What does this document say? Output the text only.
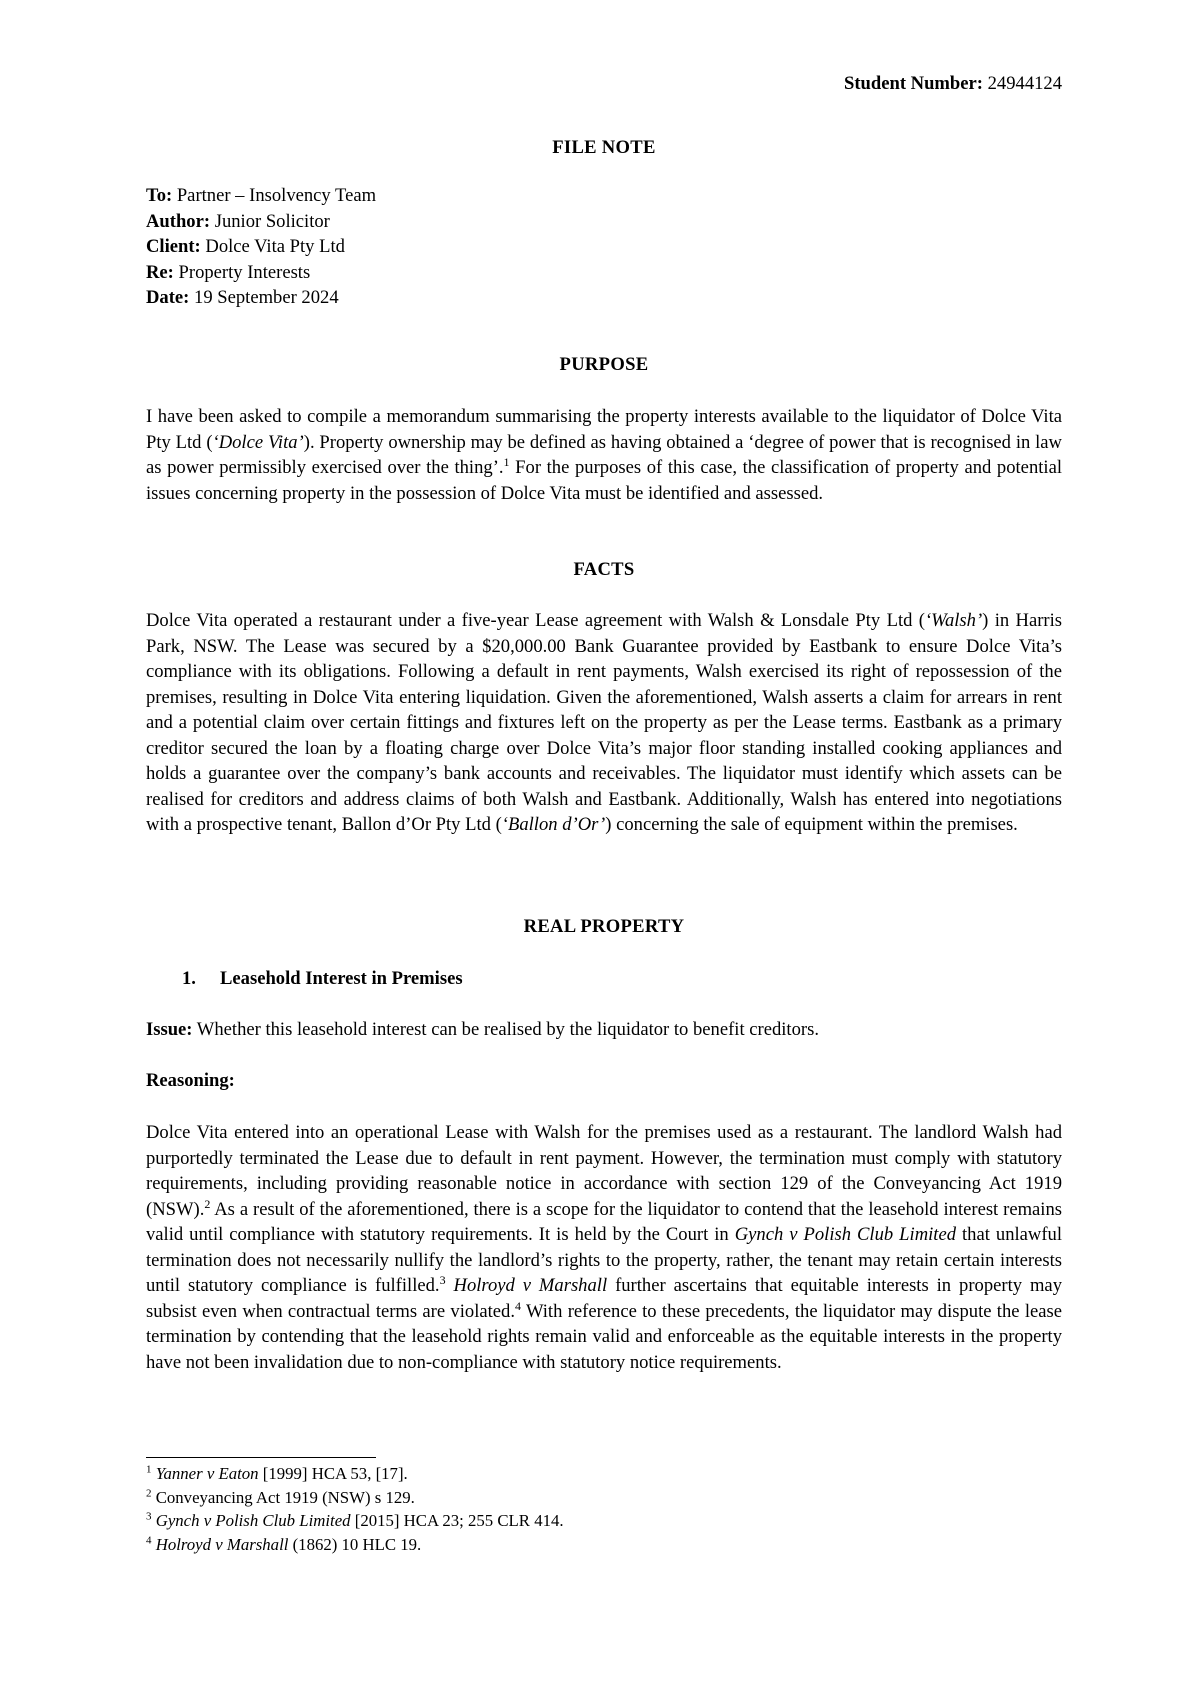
Student Number: 24944124
FILE NOTE
To: Partner – Insolvency Team
Author: Junior Solicitor
Client: Dolce Vita Pty Ltd
Re: Property Interests
Date: 19 September 2024
PURPOSE

I have been asked to compile a memorandum summarising the property interests available to the liquidator of Dolce Vita Pty Ltd (‘Dolce Vita’). Property ownership may be defined as having obtained a ‘degree of power that is recognised in law as power permissibly exercised over the thing’.$^1$ For the purposes of this case, the classification of property and potential issues concerning property in the possession of Dolce Vita must be identified and assessed.

FACTS

Dolce Vita operated a restaurant under a five-year Lease agreement with Walsh & Lonsdale Pty Ltd (‘Walsh’) in Harris Park, NSW. The Lease was secured by a $20,000.00 Bank Guarantee provided by Eastbank to ensure Dolce Vita’s compliance with its obligations. Following a default in rent payments, Walsh exercised its right of repossession of the premises, resulting in Dolce Vita entering liquidation. Given the aforementioned, Walsh asserts a claim for arrears in rent and a potential claim over certain fittings and fixtures left on the property as per the Lease terms. Eastbank as a primary creditor secured the loan by a floating charge over Dolce Vita’s major floor standing installed cooking appliances and holds a guarantee over the company’s bank accounts and receivables. The liquidator must identify which assets can be realised for creditors and address claims of both Walsh and Eastbank. Additionally, Walsh has entered into negotiations with a prospective tenant, Ballon d’Or Pty Ltd (‘Ballon d’Or’) concerning the sale of equipment within the premises.

REAL PROPERTY
1. Leasehold Interest in Premises

Issue: Whether this leasehold interest can be realised by the liquidator to benefit creditors.

Reasoning:

Dolce Vita entered into an operational Lease with Walsh for the premises used as a restaurant. The landlord Walsh had purportedly terminated the Lease due to default in rent payment. However, the termination must comply with statutory requirements, including providing reasonable notice in accordance with section 129 of the Conveyancing Act 1919 (NSW).$^2$ As a result of the aforementioned, there is a scope for the liquidator to contend that the leasehold interest remains valid until compliance with statutory requirements. It is held by the Court in Gynch v Polish Club Limited that unlawful termination does not necessarily nullify the landlord’s rights to the property, rather, the tenant may retain certain interests until statutory compliance is fulfilled.$^3$ Holroyd v Marshall further ascertains that equitable interests in property may subsist even when contractual terms are violated.$^4$ With reference to these precedents, the liquidator may dispute the lease termination by contending that the leasehold rights remain valid and enforceable as the equitable interests in the property have not been invalidation due to non-compliance with statutory notice requirements.

$^1$ Yanner v Eaton [1999] HCA 53, [17].
$^2$ Conveyancing Act 1919 (NSW) s 129.
$^3$ Gynch v Polish Club Limited [2015] HCA 23; 255 CLR 414.
$^4$ Holroyd v Marshall (1862) 10 HLC 19.
